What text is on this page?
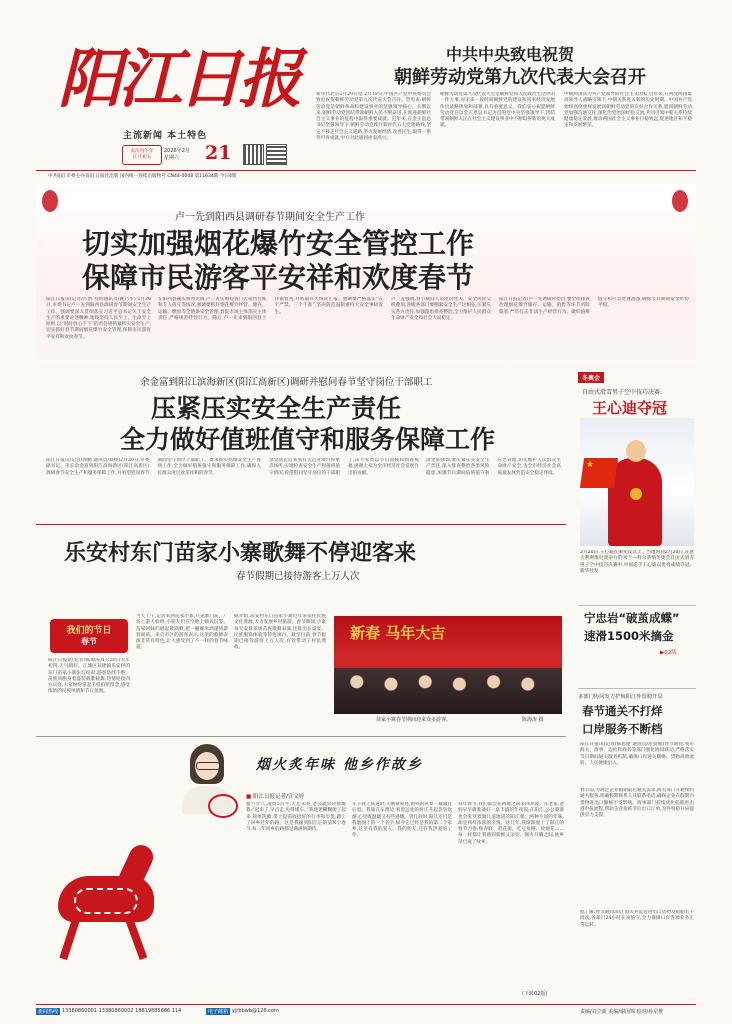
阳江日报
主流新闻 本土特色
农历丙午年
正月初五
2026年2月
星期六	21
中共阳江市委主办 阳江日报社出版 国内统一连续出版物号:CN44-0048 第11634期 今日4版
中共中央致电祝贺
朝鲜劳动党第九次代表大会召开
新华社北京2月20日电 2月19日,中国共产党中央委员会致电祝贺朝鲜劳动党第九次代表大会召开。贺电说:朝鲜劳动党是朝鲜革命和建设事业的坚强领导核心。长期以来,朝鲜劳动党团结带领朝鲜人民不断奋进,在推进朝鲜社会主义事业的征程中取得重要成就。近年来,在金正恩总书记坚强领导下,朝鲜劳动党践行新时代五大党建路线,坚定不移走社会主义道路,努力发展经济,改善民生,取得一系列可喜成就,中方对此感到由衷高兴。
朝鲜劳动党第九次代表大会是朝鲜党和人民政治生活中的一件大事,对未来一段时间朝鲜党的建设和国家经济发展作出战略规划和部署,具有重要意义。我们衷心祝愿朝鲜劳动党在以金正恩总书记为首的党中央坚强领导下,团结带领朝鲜人民在社会主义建设事业中不断取得新的更大成就。
中朝两国同为共产党领导的社会主义国家,近年来,在两党两国最高领导人战略引领下,中朝关系进入新的历史时期。中国共产党始终高度重视发展同朝鲜劳动党的友好合作关系,愿同朝鲜劳动党加强沟通交往,深化治党治国经验交流,共同引领中朝关系持续健康稳定发展,推动两国社会主义事业行稳致远,促进地区和平稳定和发展繁荣。
卢一先到阳西县调研春节期间安全生产工作
切实加强烟花爆竹安全管控工作
保障市民游客平安祥和欢度春节
阳江日报讯(记者/许倩 特约通讯员/姚乃华) 2月20日,市委书记卢一先到阳西县调研春节期间安全生产工作。强调要深入贯彻落实习近平总书记关于安全生产的重要论述精神,始终坚持人民至上、生命至上原则,以“时时放心不下”的责任感抓紧抓实安全生产,切实抓好春节期间烟花爆竹安全管理,保障市民游客平安祥和欢度春节。
在阳西县溪头镇疍光镇,卢一先实地检查门店销售台账和专人值守等情况,强调要抓好烟花爆竹经营、储存、运输、燃放等全链条安全管理,督促市场主体落实主体责任,严格规范经营行为。随后,卢一先来到阳西县上洋镇督查,并听取有关情况汇报。强调要严格落实“五个严禁、三个不准”,坚决防范遏制重特大安全事故发生。
卢一先强调,春节期间人员流动性大、安全风险交织叠加,各级各部门要绷紧安全生产这根弦,压紧压实各方责任,加强隐患排查整治,全力维护人民群众生命财产安全和社会大局稳定。
阳江日报记者/卢一先调研时指出,要全面排查治理烟花爆竹储存、运输、销售等环节风险隐患,严厉打击非法生产经营行为。做好值班值守和应急处置准备,确保节日期间安全形势平稳。
余金富到阳江滨海新区(阳江高新区)调研并慰问春节坚守岗位干部职工
压紧压实安全生产责任
全力做好值班值守和服务保障工作
阳江日报讯(记者/曲勤 通讯员/蔡杨)2月20日,市委副书记、市长余金富到阳江滨海新区(阳江高新区)调研春节安全生产和服务保障工作,并看望慰问春节期间坚守岗位干部职工。要求抓实抓细安全生产各项工作,全力做好值班值守和服务保障工作,确保人民群众度过欢乐祥和的春节。
余金富先后来到有关企业项目和重点场所,实地检查安全生产和值班值守情况,看望慰问坚守岗位的干部职工,向大家致以节日问候和新春祝福,感谢大家为全市经济社会发展作出的贡献。
余金富强调,要压紧压实安全生产责任,深入排查整治各类风险隐患,加强节日期间值班值守和应急管理,切实维护人民群众生命财产安全,为全市经济社会高质量发展营造安全稳定环境。
冬奥会
自由式滑雪男子空中技巧决赛:
王心迪夺冠
★
2月20日,王心迪在颁奖仪式上。当地时间2月20日,在意大利利维尼奥举行的米兰—科尔蒂纳冬奥会自由式滑雪男子空中技巧决赛中,中国选手王心迪以优秀成绩夺冠。 新华社发
宁忠岩“破茧成蝶”
速滑1500米摘金
▶02版
乐安村东门苗家小寨歌舞不停迎客来
春节假期已接待游客上万人次
我们的节日
春节
阳江日报讯(记者/陈海涛)1月20日大年初四,天气晴好。江城区双捷镇乐安村的东门苗家小寨张灯结彩,游客络绎不绝。苗族同胞身着盛装载歌载舞,热情迎接四方宾客,大家纷纷拿起手机拍照留念,感受浓浓的民族风情和节日氛围。
当天上午,记者来到苗家小寨,只见寨门前、广场上游人如织,小朋友们在空地上嬉戏玩耍。苗家阿妹们唱起敬酒歌,把一碗碗米酒递到游客面前。来自市区的游客表示,这里的歌舞表演非常有特色,让人感受到了不一样的春节味道。
据介绍,乐安村东门苗家小寨近年来依托民族文化资源,大力发展乡村旅游。春节期间,小寨每天安排多场苗族歌舞表演,还推出长桌宴、民族服饰体验等特色项目。截至目前,春节假期已接待游客上万人次,有效带动了村民增收。
新春 马年大吉
苗家小寨春节期间迎来众多游客。	陈海涛 摄
多部门协同发力护航阳江外贸稳开局
春节通关不打烊
口岸服务不断档
阳江日报讯(记者/陈思捷 通讯员/范晨敏)春节期间,我市海关、海事、边检和商务等部门强化协同联动,严格落实节日期间通关服务机制,确保口岸通关顺畅、货物高效流转、人员便捷出入。
春节前,为满足企业假期前后通关需求,海关部门开通预约通关服务,明确假期联系人及联系电话,确保企业在假期内货物进出口顺畅不受影响。海事部门持续优化船舶进出港申报流程,帮助企业抢抓节后出口订单,为外贸稳开局提供有力支撑。
据了解,春节期间,阳江海关共监管进出口货物及船舶若干批次,各部门24小时在岗值守,全力保障口岸各项业务正常运转。
烟火炙年味 他乡作故乡
■ 阳江日报记者/宣文婷
腊月廿八,凌晨5点半,天还未亮,老公就轻轻推醒我:“起来了,早点走,免得堵车。”我迷迷糊糊爬了起来,简单洗漱,带上提前收拾好的行李和年货,踏上了回乡过年的路。这是我嫁到阳江后的第N个春节,每一年回乡的路都是满满的期待。
车子驶上高速时,天刚蒙蒙亮,窗外的风景一幕幕往后退。我靠在车窗边,看着远处的村庄升起袅袅炊烟,心里既温暖又有些感慨。曾几何时,阳江还只是我地图上的一个名字,如今它已经是我的第二个家乡,这里有我的爱人、我的朋友,还有我热爱的工作。
每年春节,我们都会在两地之间来回奔波。在老家,爸妈早早就准备好一桌丰盛的年夜饭;在阳江,公公婆婆也会张罗着做几道地道的阳江菜。两种不同的年味,却是同样浓浓的亲情。这几年,我渐渐爱上了阳江的春节习俗:贴春联、逛花街、吃豆角糍、放烟花……每一样都让我感到新鲜又亲切。烟火升腾之间,他乡早已成了故乡。
(下转02版)
新闻热线 13380860001 13380860002 18819885666 114	电子邮箱 yjrbbwb@126.com	责编/刘立新 美编/谢国锦 校对/孙星维
